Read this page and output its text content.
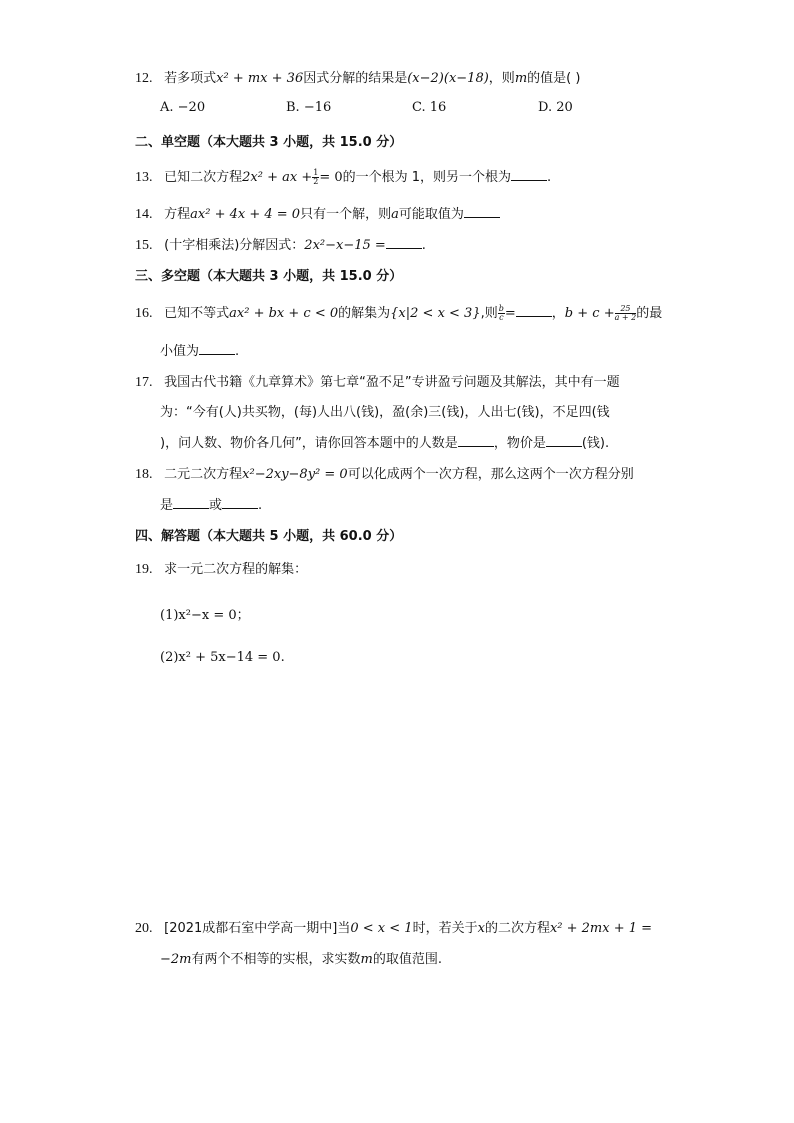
12. 若多项式x² + mx + 36因式分解的结果是(x−2)(x−18)，则m的值是( )
A. −20	B. −16	C. 16	D. 20
二、单空题（本大题共 3 小题，共 15.0 分）
13. 已知二次方程2x² + ax + $\frac{1}{2} = 0$的一个根为 1，则另一个根为	.
14. 方程ax² + 4x + 4 = 0只有一个解，则a可能取值为
15. (十字相乘法)分解因式：2x²−x−15 =	.
三、多空题（本大题共 3 小题，共 15.0 分）
16. 已知不等式ax² + bx + c < 0的解集为{x|2 < x < 3},则 $\frac{b}{c}$ =	，$b + c + \frac{25}{a + 2}$ 的最
小值为	.
17. 我国古代书籍《九章算术》第七章“盈不足”专讲盈亏问题及其解法，其中有一题
为：“今有(人)共买物，(每)人出八(钱)，盈(余)三(钱)，人出七(钱)，不足四(钱
)，问人数、物价各几何”，请你回答本题中的人数是	，物价是	(钱).
18. 二元二次方程x²−2xy−8y² = 0可以化成两个一次方程，那么这两个一次方程分别
是	或	.
四、解答题（本大题共 5 小题，共 60.0 分）
19. 求一元二次方程的解集：
(1)x²−x = 0；
(2)x² + 5x−14 = 0.
20. [2021成都石室中学高一期中]当0 < x < 1时，若关于x的二次方程x² + 2mx + 1 =
−2m有两个不相等的实根，求实数m的取值范围.
